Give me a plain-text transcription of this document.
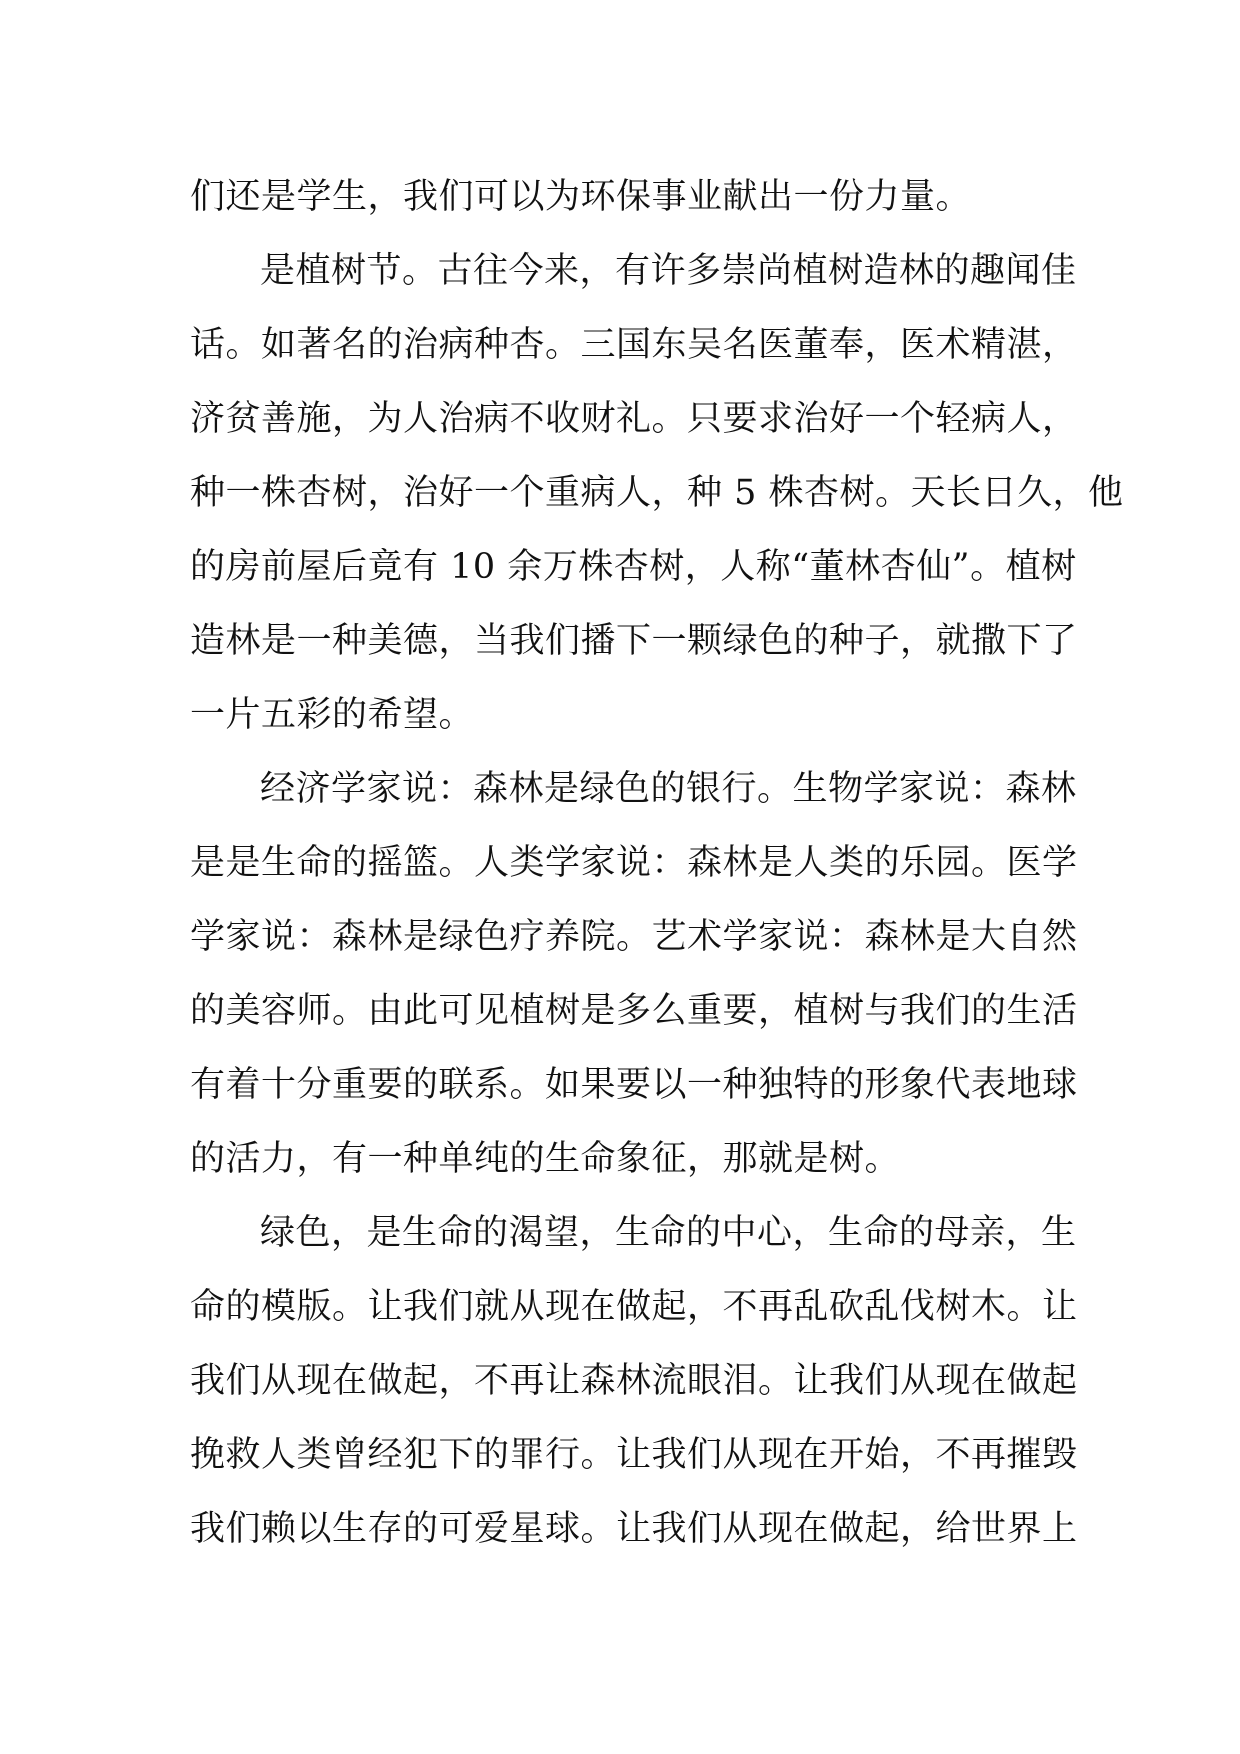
们还是学生，我们可以为环保事业献出一份力量。
是植树节。古往今来，有许多崇尚植树造林的趣闻佳
话。如著名的治病种杏。三国东吴名医董奉，医术精湛，
济贫善施，为人治病不收财礼。只要求治好一个轻病人，
种一株杏树，治好一个重病人，种 5 株杏树。天长日久，他
的房前屋后竟有 10 余万株杏树，人称“董林杏仙”。植树
造林是一种美德，当我们播下一颗绿色的种子，就撒下了
一片五彩的希望。
经济学家说：森林是绿色的银行。生物学家说：森林
是是生命的摇篮。人类学家说：森林是人类的乐园。医学
学家说：森林是绿色疗养院。艺术学家说：森林是大自然
的美容师。由此可见植树是多么重要，植树与我们的生活
有着十分重要的联系。如果要以一种独特的形象代表地球
的活力，有一种单纯的生命象征，那就是树。
绿色，是生命的渴望，生命的中心，生命的母亲，生
命的模版。让我们就从现在做起，不再乱砍乱伐树木。让
我们从现在做起，不再让森林流眼泪。让我们从现在做起
挽救人类曾经犯下的罪行。让我们从现在开始，不再摧毁
我们赖以生存的可爱星球。让我们从现在做起，给世界上
